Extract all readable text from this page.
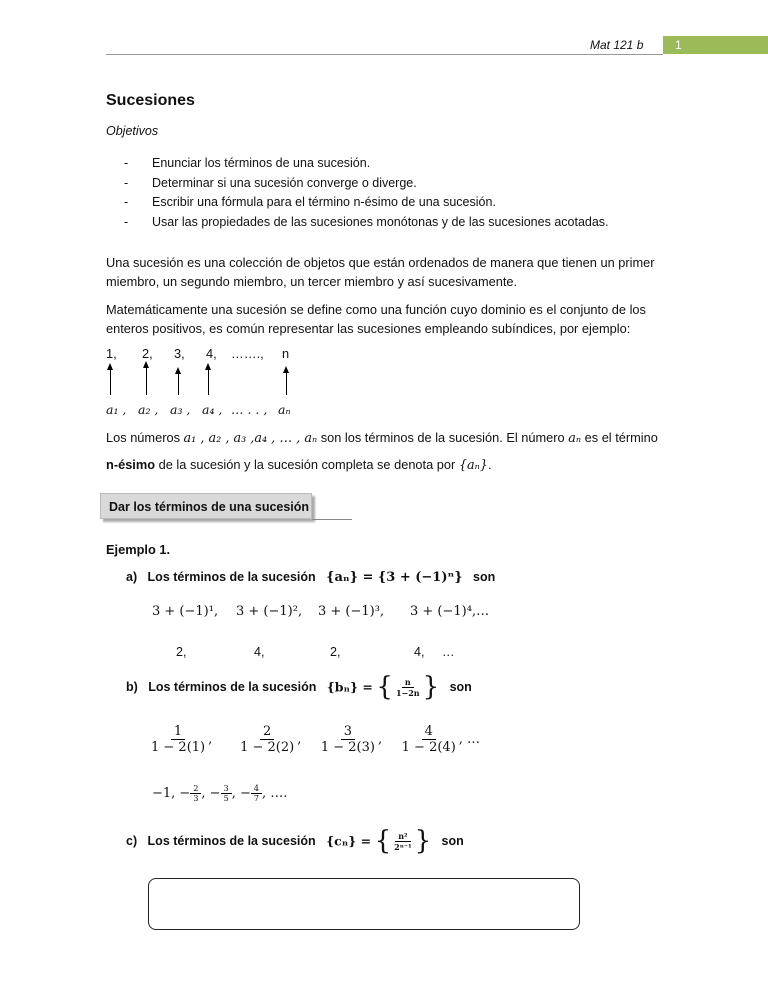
Mat 121 b	1
Sucesiones
Objetivos
- Enunciar los términos de una sucesión.
- Determinar si una sucesión converge o diverge.
- Escribir una fórmula para el término n-ésimo de una sucesión.
- Usar las propiedades de las sucesiones monótonas y de las sucesiones acotadas.
Una sucesión es una colección de objetos que están ordenados de manera que tienen un primer miembro, un segundo miembro, un tercer miembro y así sucesivamente.
Matemáticamente una sucesión se define como una función cuyo dominio es el conjunto de los enteros positivos, es común representar las sucesiones empleando subíndices, por ejemplo:
1, 2, 3, 4, ……., n
a₁ , a₂ , a₃ , a₄ , … . . , aₙ
Los números a₁ , a₂ , a₃ ,a₄ , … , aₙ son los términos de la sucesión. El número aₙ es el término
n-ésimo de la sucesión y la sucesión completa se denota por {aₙ}.
Dar los términos de una sucesión
Ejemplo 1.
a) Los términos de la sucesión {aₙ} = {3 + (−1)ⁿ} son
3 + (−1)¹, 3 + (−1)², 3 + (−1)³, 3 + (−1)⁴,…
2,	4,	2,	4, …
b) Los términos de la sucesión {bₙ} = { $\frac{n}{1-2n}$ } son
$\frac{1}{1 - 2(1)}$ , $\frac{2}{1 - 2(2)}$ , $\frac{3}{1 - 2(3)}$ , $\frac{4}{1 - 2(4)}$ , …
−1, − $\frac{2}{3}$ , − $\frac{3}{5}$ , − $\frac{4}{7}$ , ….
c) Los términos de la sucesión {cₙ} = { $\frac{\text{n²}}{\text{2ⁿ⁻¹}}$ } son
